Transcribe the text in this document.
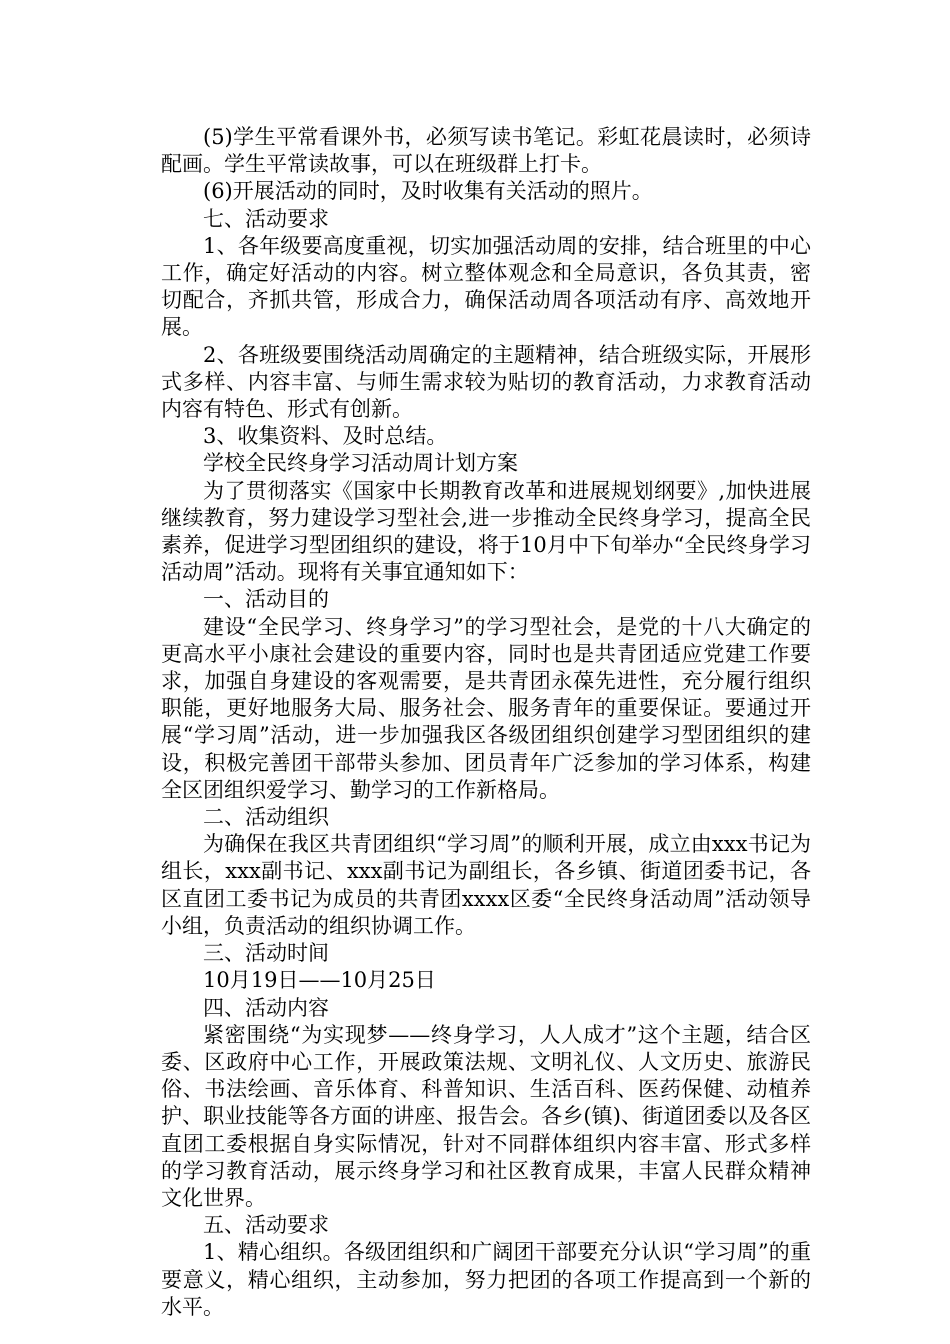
(5)学生平常看课外书，必须写读书笔记。彩虹花晨读时，必须诗配画。学生平常读故事，可以在班级群上打卡。

(6)开展活动的同时，及时收集有关活动的照片。

七、活动要求

1、各年级要高度重视，切实加强活动周的安排，结合班里的中心工作，确定好活动的内容。树立整体观念和全局意识，各负其责，密切配合，齐抓共管，形成合力，确保活动周各项活动有序、高效地开展。

2、各班级要围绕活动周确定的主题精神，结合班级实际，开展形式多样、内容丰富、与师生需求较为贴切的教育活动，力求教育活动内容有特色、形式有创新。

3、收集资料、及时总结。

学校全民终身学习活动周计划方案

为了贯彻落实《国家中长期教育改革和进展规划纲要》,加快进展继续教育，努力建设学习型社会,进一步推动全民终身学习，提高全民素养，促进学习型团组织的建设，将于10月中下旬举办“全民终身学习活动周”活动。现将有关事宜通知如下：

一、活动目的

建设“全民学习、终身学习”的学习型社会，是党的十八大确定的更高水平小康社会建设的重要内容，同时也是共青团适应党建工作要求，加强自身建设的客观需要，是共青团永葆先进性，充分履行组织职能，更好地服务大局、服务社会、服务青年的重要保证。要通过开展“学习周”活动，进一步加强我区各级团组织创建学习型团组织的建设，积极完善团干部带头参加、团员青年广泛参加的学习体系，构建全区团组织爱学习、勤学习的工作新格局。

二、活动组织

为确保在我区共青团组织“学习周”的顺利开展，成立由xxx书记为组长，xxx副书记、xxx副书记为副组长，各乡镇、街道团委书记，各区直团工委书记为成员的共青团xxxx区委“全民终身活动周”活动领导小组，负责活动的组织协调工作。

三、活动时间

10月19日——10月25日

四、活动内容

紧密围绕“为实现梦——终身学习，人人成才”这个主题，结合区委、区政府中心工作，开展政策法规、文明礼仪、人文历史、旅游民俗、书法绘画、音乐体育、科普知识、生活百科、医药保健、动植养护、职业技能等各方面的讲座、报告会。各乡(镇)、街道团委以及各区直团工委根据自身实际情况，针对不同群体组织内容丰富、形式多样的学习教育活动，展示终身学习和社区教育成果，丰富人民群众精神文化世界。

五、活动要求

1、精心组织。各级团组织和广阔团干部要充分认识“学习周”的重要意义，精心组织，主动参加，努力把团的各项工作提高到一个新的水平。
